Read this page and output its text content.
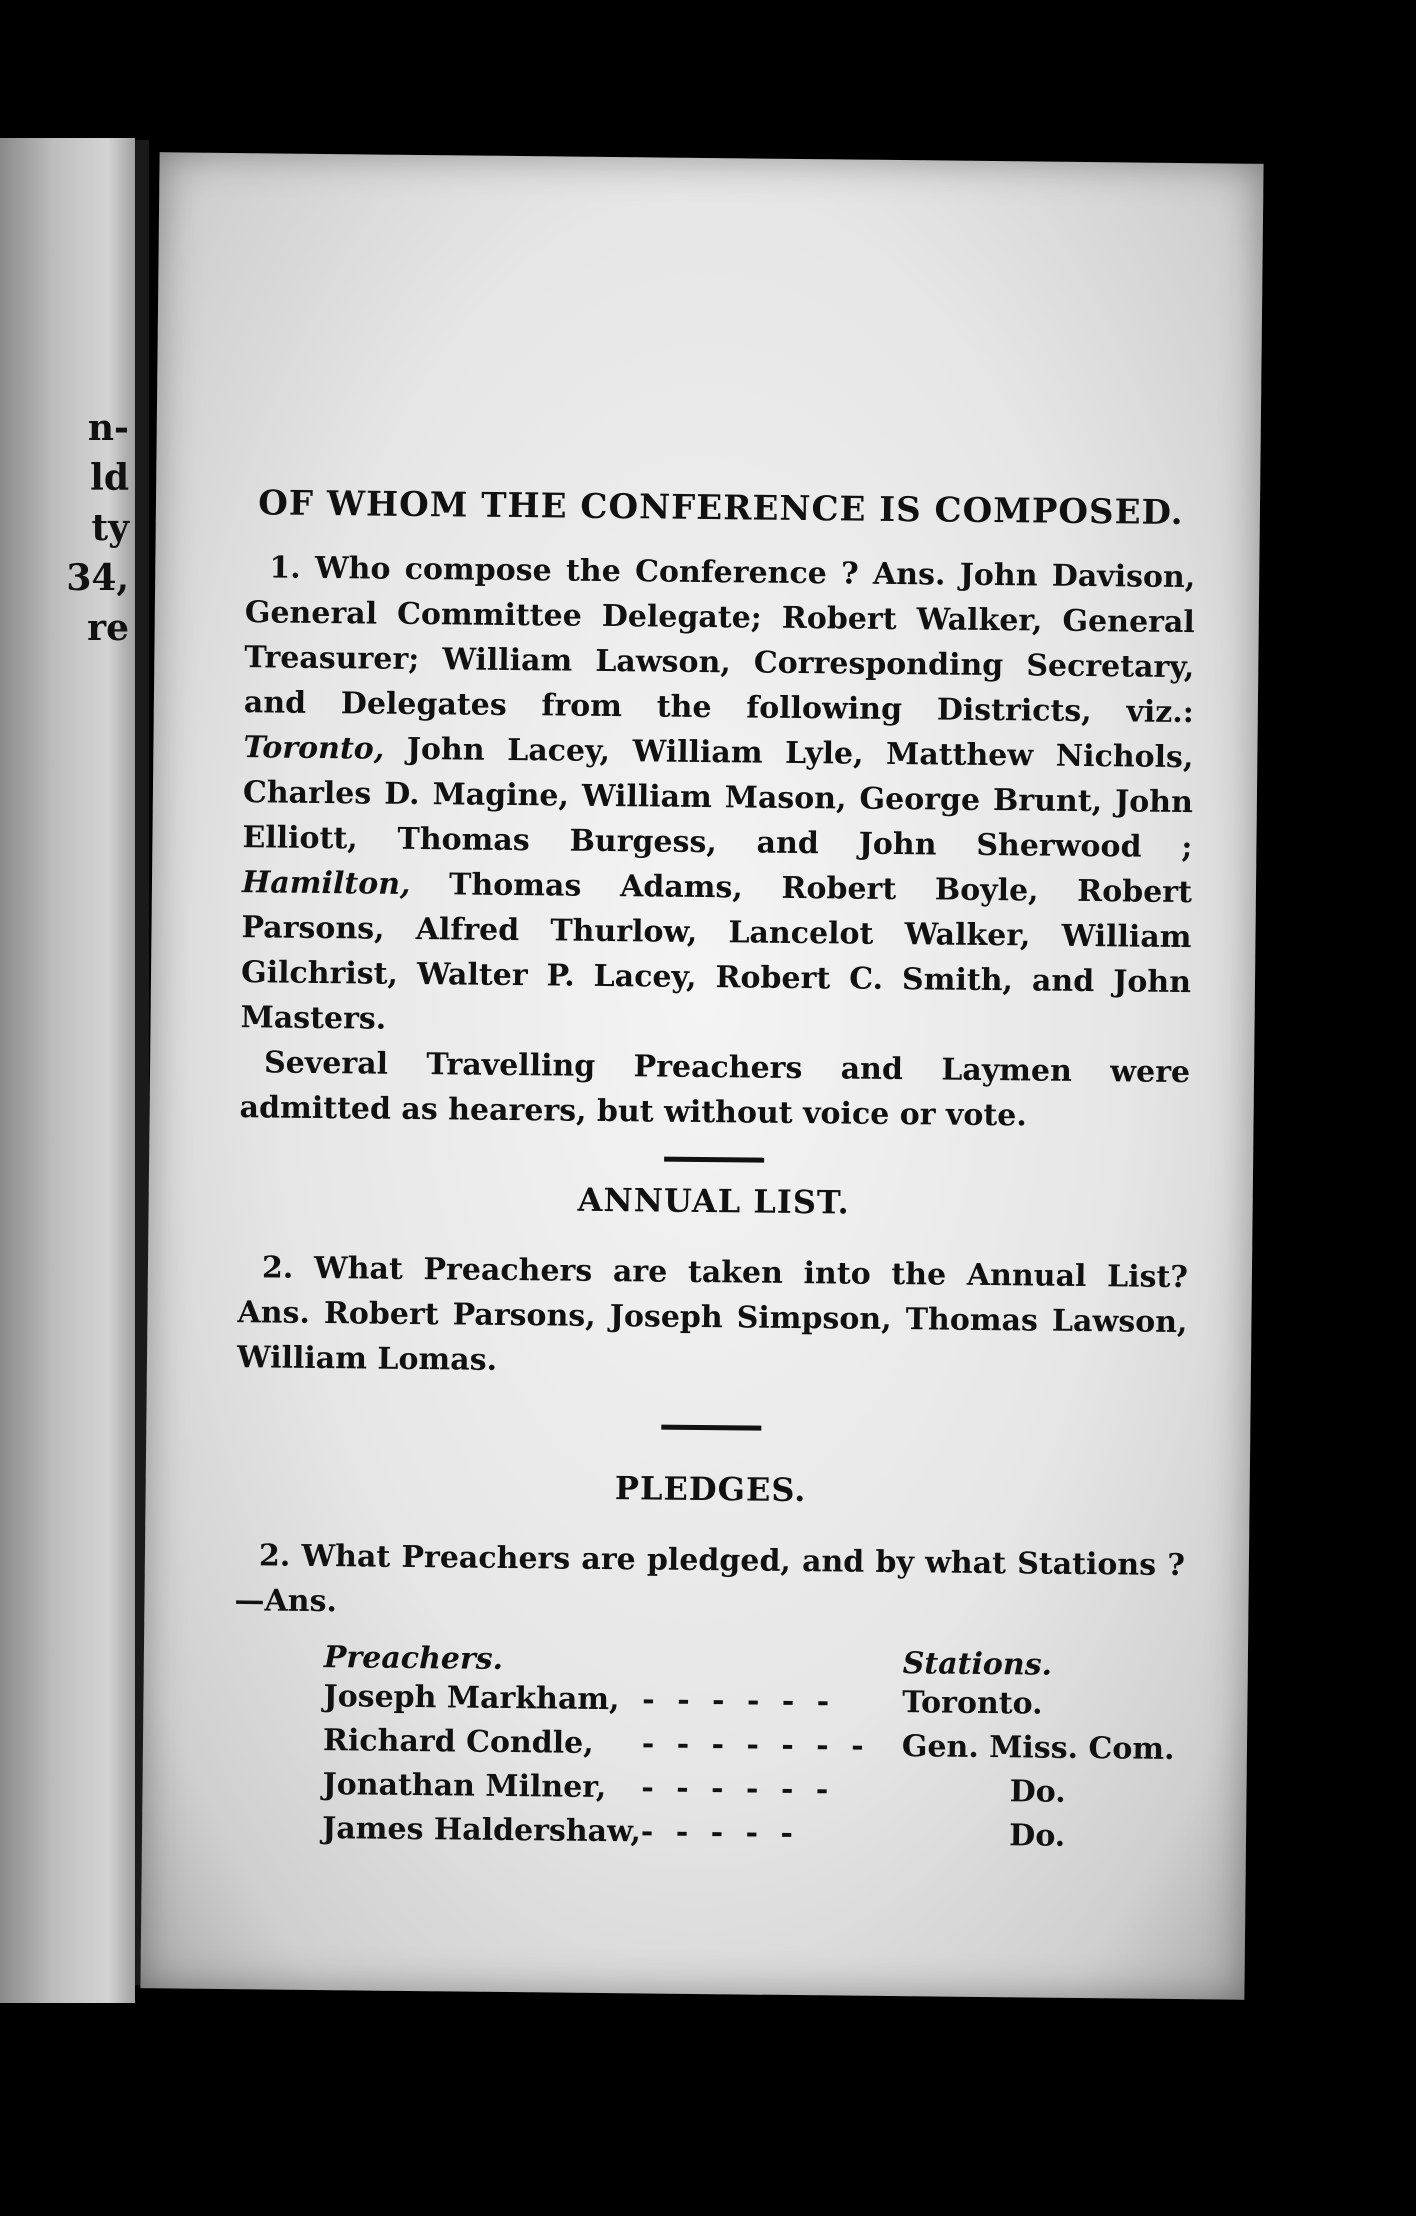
n-
ld
ty
34,
re
OF WHOM THE CONFERENCE IS COMPOSED.

1. Who compose the Conference ? Ans. John Davison, General Committee Delegate; Robert Walker, General Treasurer; William Lawson, Corresponding Secretary, and Delegates from the following Districts, viz.: Toronto, John Lacey, William Lyle, Matthew Nichols, Charles D. Magine, William Mason, George Brunt, John Elliott, Thomas Burgess, and John Sherwood ; Hamilton, Thomas Adams, Robert Boyle, Robert Parsons, Alfred Thurlow, Lancelot Walker, William Gilchrist, Walter P. Lacey, Robert C. Smith, and John Masters.

Several Travelling Preachers and Laymen were admitted as hearers, but without voice or vote.

ANNUAL LIST.

2. What Preachers are taken into the Annual List? Ans. Robert Parsons, Joseph Simpson, Thomas Lawson, William Lomas.

PLEDGES.

2. What Preachers are pledged, and by what Stations ?—Ans.

Preachers.		Stations.
Joseph Markham,	- - - - - -	Toronto.
Richard Condle,	- - - - - - -	Gen. Miss. Com.
Jonathan Milner,	- - - - - -	Do.
James Haldershaw,	- - - - -	Do.
